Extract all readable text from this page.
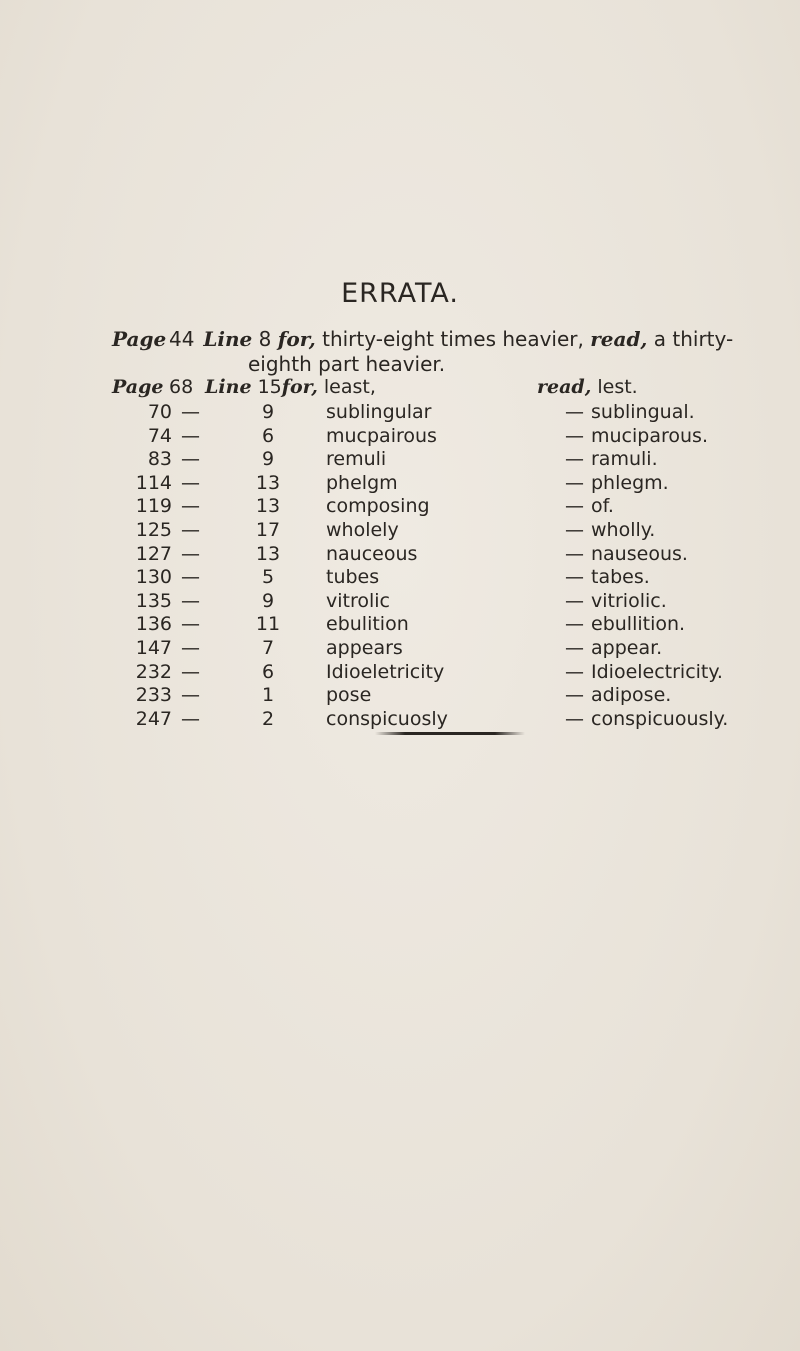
ERRATA.
Page 44 Line 8 for, thirty-eight times heavier, read, a thirty-
eighth part heavier.
Page 68 Line 15for, least,	read, lest.
70 —	9	sublingular	— sublingual.
74 —	6	mucpairous	— muciparous.
83 —	9	remuli	— ramuli.
114 —	13	phelgm	— phlegm.
119 —	13	composing	— of.
125 —	17	wholely	— wholly.
127 —	13	nauceous	— nauseous.
130 —	5	tubes	— tabes.
135 —	9	vitrolic	— vitriolic.
136 —	11	ebulition	— ebullition.
147 —	7	appears	— appear.
232 —	6	Idioeletricity	— Idioelectricity.
233 —	1	pose	— adipose.
247 —	2	conspicuosly	— conspicuously.
